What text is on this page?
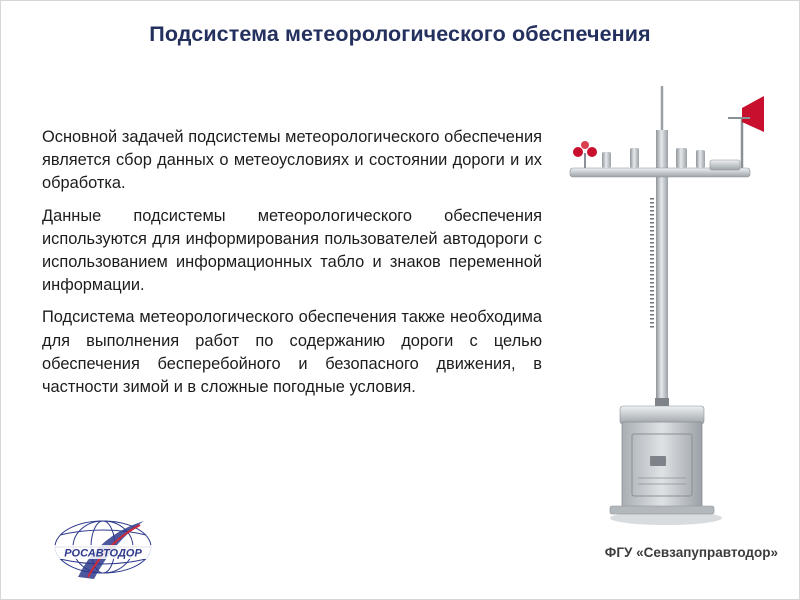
Подсистема метеорологического обеспечения

Основной задачей подсистемы метеорологического обеспечения является сбор данных о метеоусловиях и состоянии дороги и их обработка.

Данные подсистемы метеорологического обеспечения используются для информирования пользователей автодороги с использованием информационных табло и знаков переменной информации.

Подсистема метеорологического обеспечения также необходима для выполнения работ по содержанию дороги с целью обеспечения бесперебойного и безопасного движения, в частности зимой и в сложные погодные условия.

РОСАВТОДОР	ФГУ «Севзапуправтодор»
